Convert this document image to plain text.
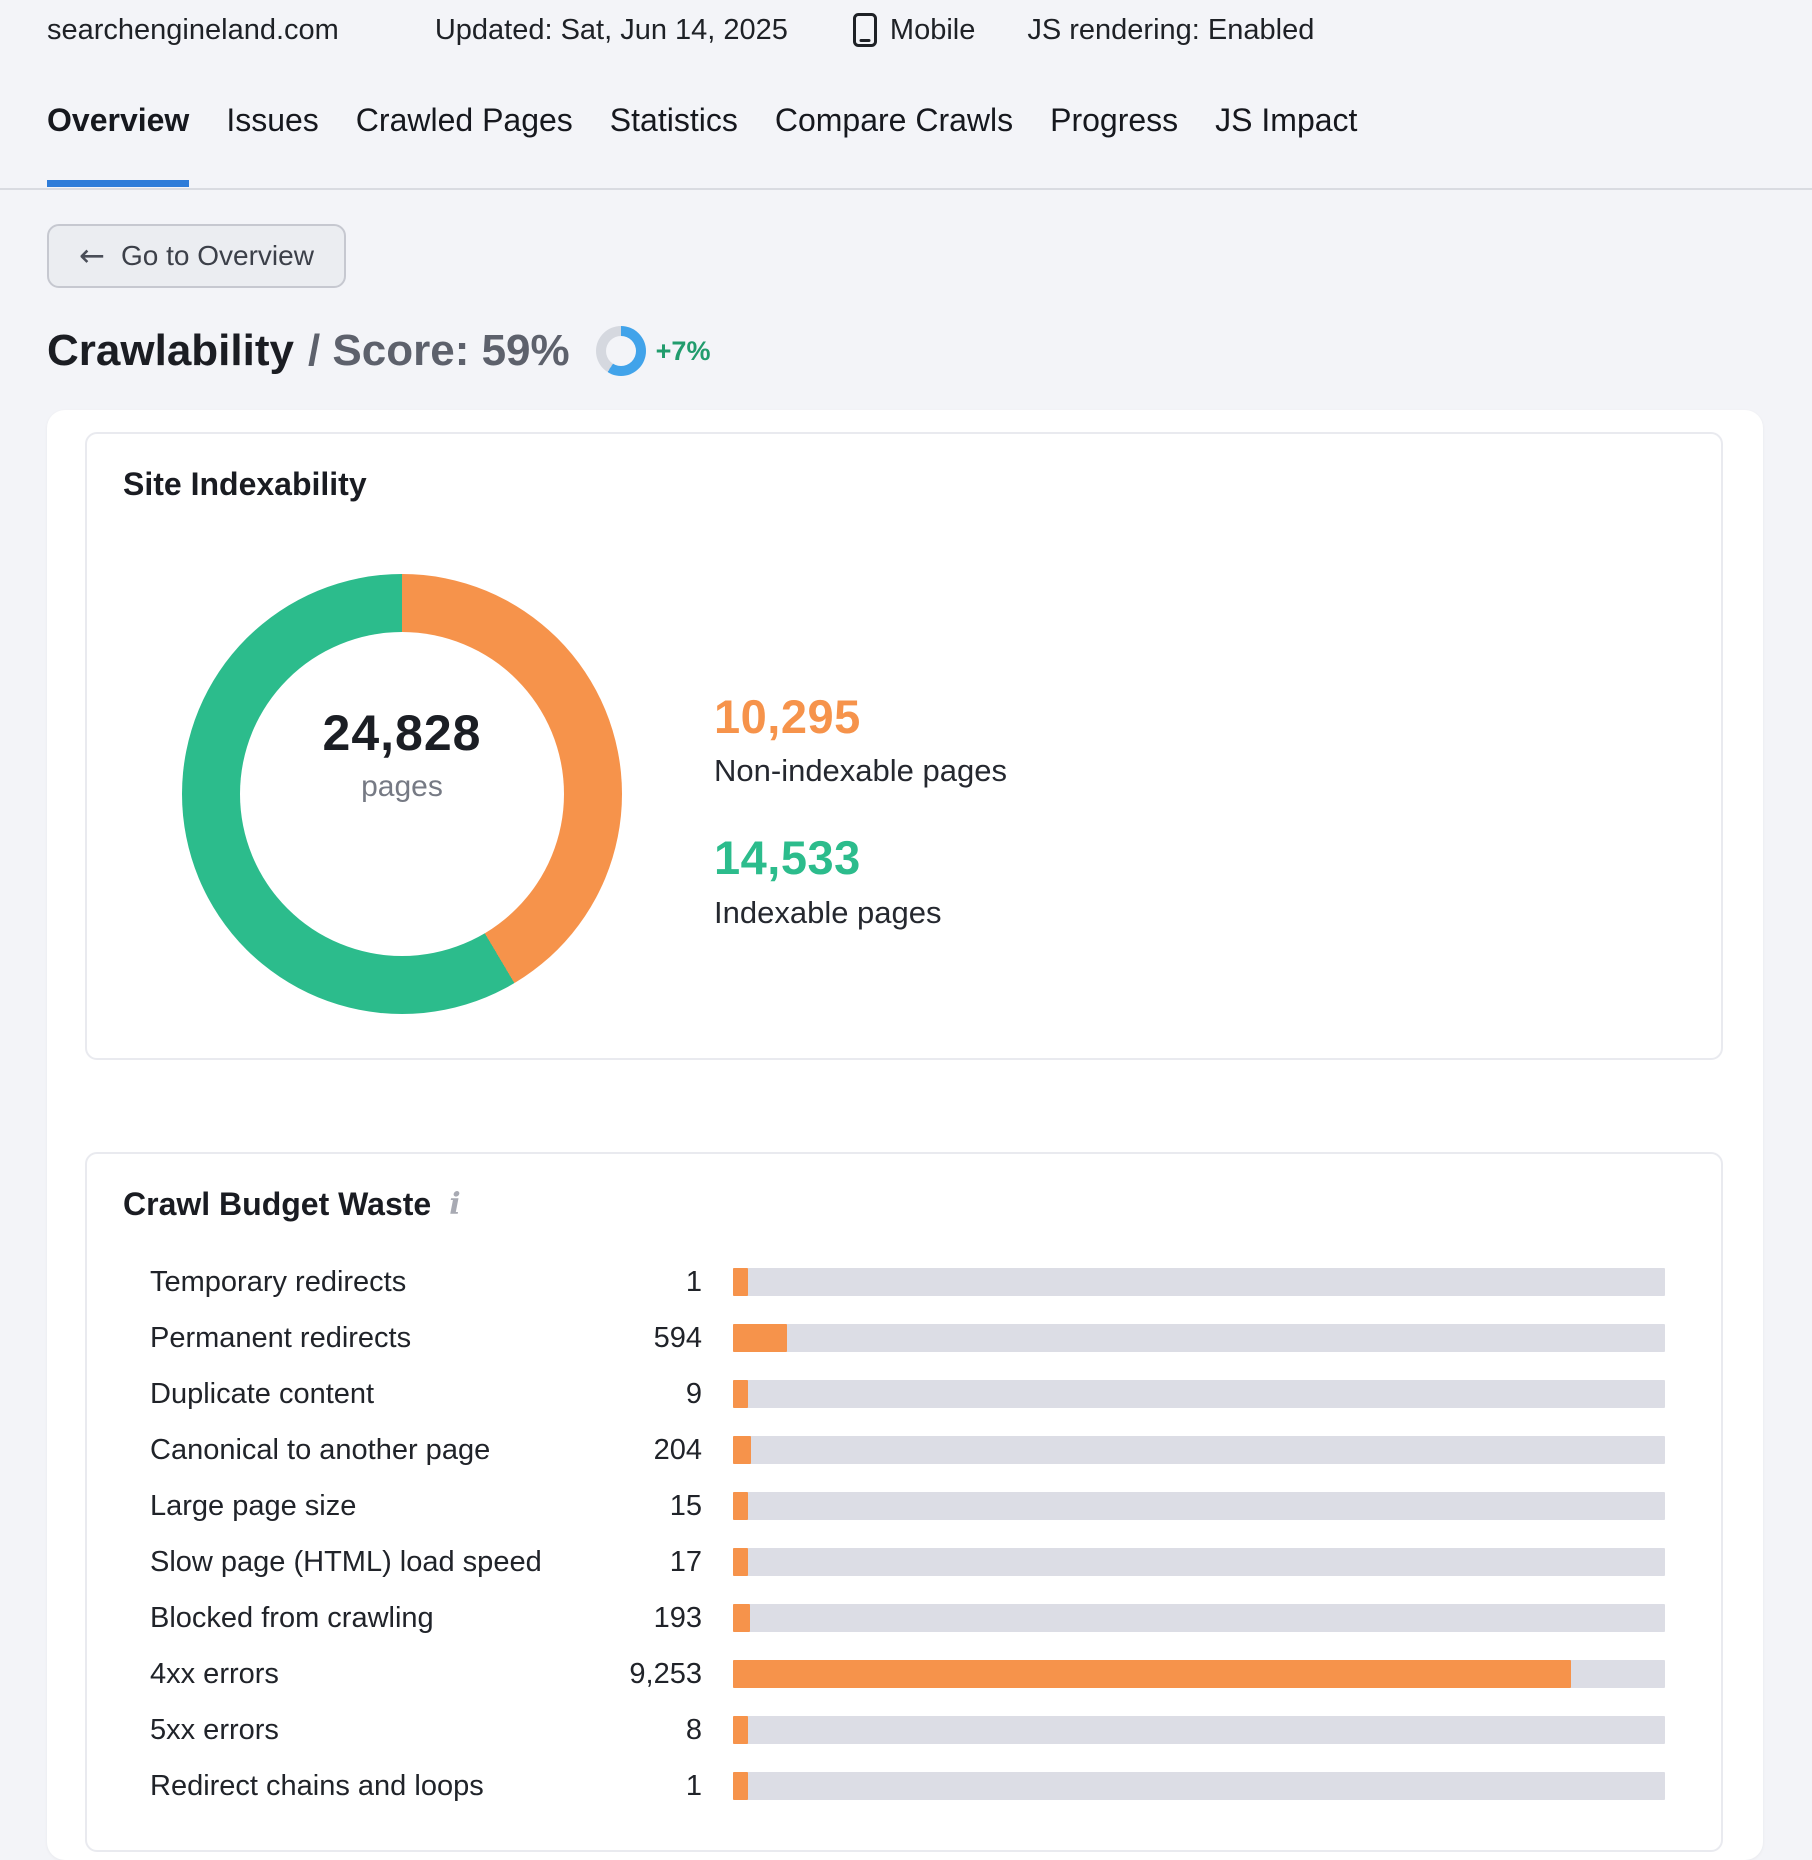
searchengineland.com	Updated: Sat, Jun 14, 2025	Mobile JS rendering: Enabled
Overview Issues Crawled Pages Statistics Compare Crawls Progress JS Impact
← Go to Overview
Crawlability / Score: 59%	+7%
Site Indexability
24,828
pages
10,295
Non-indexable pages
14,533
Indexable pages
Crawl Budget Waste i
Temporary redirects	1
Permanent redirects	594
Duplicate content	9
Canonical to another page	204
Large page size	15
Slow page (HTML) load speed	17
Blocked from crawling	193
4xx errors	9,253
5xx errors	8
Redirect chains and loops	1
